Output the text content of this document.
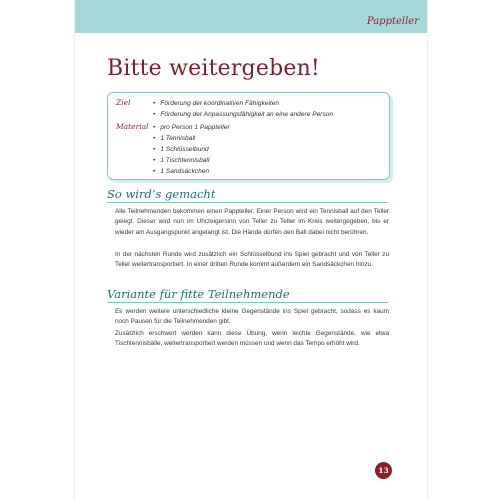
Pappteller
Bitte weitergeben!
Ziel	• Förderung der koordinativen Fähigkeiten
• Förderung der Anpassungsfähigkeit an eine andere Person
Material	• pro Person 1 Pappteller
• 1 Tennisball
• 1 Schlüsselbund
• 1 Tischtennisball
• 1 Sandsäckchen
So wird’s gemacht

Alle Teilnehmenden bekommen einen Pappteller. Einer Person wird ein Tennisball auf den Teller gelegt. Dieser wird nun im Uhrzeigersinn von Teller zu Teller im Kreis weitergegeben, bis er wieder am Ausgangspunkt angelangt ist. Die Hände dürfen den Ball dabei nicht berühren.

In der nächsten Runde wird zusätzlich ein Schlüsselbund ins Spiel gebracht und von Teller zu Teller weitertransportiert. In einer dritten Runde kommt außerdem ein Sandsäckchen hinzu.

Variante für fitte Teilnehmende

Es werden weitere unterschiedliche kleine Gegenstände ins Spiel gebracht, sodass es kaum noch Pausen für die Teilnehmenden gibt.

Zusätzlich erschwert werden kann diese Übung, wenn leichte Gegenstände, wie etwa Tischtennisbälle, weitertransportiert werden müssen und wenn das Tempo erhöht wird.

13
